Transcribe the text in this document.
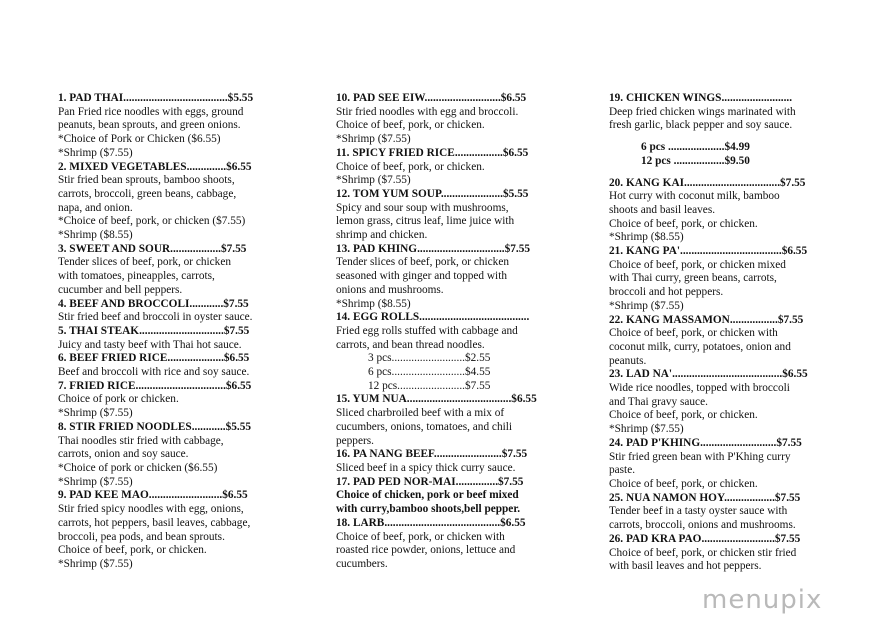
1. PAD THAI.....................................$5.55
Pan Fried rice noodles with eggs, ground
peanuts, bean sprouts, and green onions.
*Choice of Pork or Chicken ($6.55)
*Shrimp ($7.55)
2. MIXED VEGETABLES..............$6.55
Stir fried bean sprouts, bamboo shoots,
carrots, broccoli, green beans, cabbage,
napa, and onion.
*Choice of beef, pork, or chicken ($7.55)
*Shrimp ($8.55)
3. SWEET AND SOUR..................$7.55
Tender slices of beef, pork, or chicken
with tomatoes, pineapples, carrots,
cucumber and bell peppers.
4. BEEF AND BROCCOLI............$7.55
Stir fried beef and broccoli in oyster sauce.
5. THAI STEAK..............................$7.55
Juicy and tasty beef with Thai hot sauce.
6. BEEF FRIED RICE....................$6.55
Beef and broccoli with rice and soy sauce.
7. FRIED RICE................................$6.55
Choice of pork or chicken.
*Shrimp ($7.55)
8. STIR FRIED NOODLES............$5.55
Thai noodles stir fried with cabbage,
carrots, onion and soy sauce.
*Choice of pork or chicken ($6.55)
*Shrimp ($7.55)
9. PAD KEE MAO..........................$6.55
Stir fried spicy noodles with egg, onions,
carrots, hot peppers, basil leaves, cabbage,
broccoli, pea pods, and bean sprouts.
Choice of beef, pork, or chicken.
*Shrimp ($7.55)
10. PAD SEE EIW...........................$6.55
Stir fried noodles with egg and broccoli.
Choice of beef, pork, or chicken.
*Shrimp ($7.55)
11. SPICY FRIED RICE.................$6.55
Choice of beef, pork, or chicken.
*Shrimp ($7.55)
12. TOM YUM SOUP......................$5.55
Spicy and sour soup with mushrooms,
lemon grass, citrus leaf, lime juice with
shrimp and chicken.
13. PAD KHING...............................$7.55
Tender slices of beef, pork, or chicken
seasoned with ginger and topped with
onions and mushrooms.
*Shrimp ($8.55)
14. EGG ROLLS.......................................
Fried egg rolls stuffed with cabbage and
carrots, and bean thread noodles.
3 pcs..........................$2.55
6 pcs..........................$4.55
12 pcs........................$7.55
15. YUM NUA.....................................$6.55
Sliced charbroiled beef with a mix of
cucumbers, onions, tomatoes, and chili
peppers.
16. PA NANG BEEF........................$7.55
Sliced beef in a spicy thick curry sauce.
17. PAD PED NOR-MAI...............$7.55
Choice of chicken, pork or beef mixed
with curry,bamboo shoots,bell pepper.
18. LARB.........................................$6.55
Choice of beef, pork, or chicken with
roasted rice powder, onions, lettuce and
cucumbers.
19. CHICKEN WINGS.........................
Deep fried chicken wings marinated with
fresh garlic, black pepper and soy sauce.
6 pcs ....................$4.99
12 pcs ..................$9.50
20. KANG KAI..................................$7.55
Hot curry with coconut milk, bamboo
shoots and basil leaves.
Choice of beef, pork, or chicken.
*Shrimp ($8.55)
21. KANG PA'....................................$6.55
Choice of beef, pork, or chicken mixed
with Thai curry, green beans, carrots,
broccoli and hot peppers.
*Shrimp ($7.55)
22. KANG MASSAMON.................$7.55
Choice of beef, pork, or chicken with
coconut milk, curry, potatoes, onion and
peanuts.
23. LAD NA'.......................................$6.55
Wide rice noodles, topped with broccoli
and Thai gravy sauce.
Choice of beef, pork, or chicken.
*Shrimp ($7.55)
24. PAD P'KHING...........................$7.55
Stir fried green bean with P'Khing curry
paste.
Choice of beef, pork, or chicken.
25. NUA NAMON HOY..................$7.55
Tender beef in a tasty oyster sauce with
carrots, broccoli, onions and mushrooms.
26. PAD KRA PAO..........................$7.55
Choice of beef, pork, or chicken stir fried
with basil leaves and hot peppers.
menupix
